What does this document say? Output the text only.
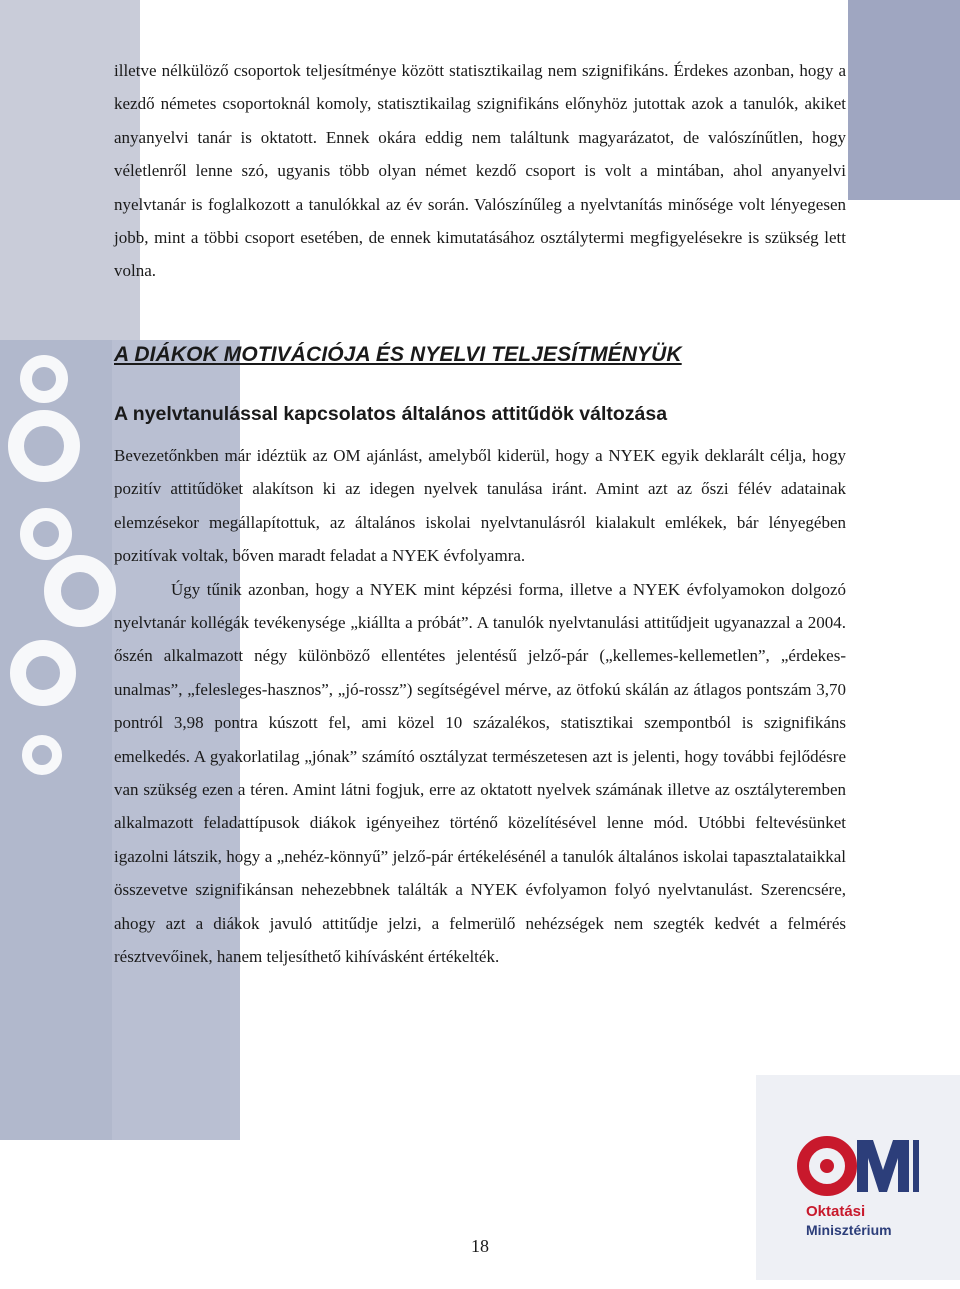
illetve nélkülöző csoportok teljesítménye között statisztikailag nem szignifikáns. Érdekes azonban, hogy a kezdő németes csoportoknál komoly, statisztikailag szignifikáns előnyhöz jutottak azok a tanulók, akiket anyanyelvi tanár is oktatott. Ennek okára eddig nem találtunk magyarázatot, de valószínűtlen, hogy véletlenről lenne szó, ugyanis több olyan német kezdő csoport is volt a mintában, ahol anyanyelvi nyelvtanár is foglalkozott a tanulókkal az év során. Valószínűleg a nyelvtanítás minősége volt lényegesen jobb, mint a többi csoport esetében, de ennek kimutatásához osztálytermi megfigyelésekre is szükség lett volna.

A DIÁKOK MOTIVÁCIÓJA ÉS NYELVI TELJESÍTMÉNYÜK
A nyelvtanulással kapcsolatos általános attitűdök változása

Bevezetőnkben már idéztük az OM ajánlást, amelyből kiderül, hogy a NYEK egyik deklarált célja, hogy pozitív attitűdöket alakítson ki az idegen nyelvek tanulása iránt. Amint azt az őszi félév adatainak elemzésekor megállapítottuk, az általános iskolai nyelvtanulásról kialakult emlékek, bár lényegében pozitívak voltak, bőven maradt feladat a NYEK évfolyamra.

Úgy tűnik azonban, hogy a NYEK mint képzési forma, illetve a NYEK évfolyamokon dolgozó nyelvtanár kollégák tevékenysége „kiállta a próbát”. A tanulók nyelvtanulási attitűdjeit ugyanazzal a 2004. őszén alkalmazott négy különböző ellentétes jelentésű jelző-pár („kellemes-kellemetlen”, „érdekes-unalmas”, „felesleges-hasznos”, „jó-rossz”) segítségével mérve, az ötfokú skálán az átlagos pontszám 3,70 pontról 3,98 pontra kúszott fel, ami közel 10 százalékos, statisztikai szempontból is szignifikáns emelkedés. A gyakorlatilag „jónak” számító osztályzat természetesen azt is jelenti, hogy további fejlődésre van szükség ezen a téren. Amint látni fogjuk, erre az oktatott nyelvek számának illetve az osztályteremben alkalmazott feladattípusok diákok igényeihez történő közelítésével lenne mód. Utóbbi feltevésünket igazolni látszik, hogy a „nehéz-könnyű” jelző-pár értékelésénél a tanulók általános iskolai tapasztalataikkal összevetve szignifikánsan nehezebbnek találták a NYEK évfolyamon folyó nyelvtanulást. Szerencsére, ahogy azt a diákok javuló attitűdje jelzi, a felmerülő nehézségek nem szegték kedvét a felmérés résztvevőinek, hanem teljesíthető kihívásként értékelték.

18
Oktatási
Minisztérium
